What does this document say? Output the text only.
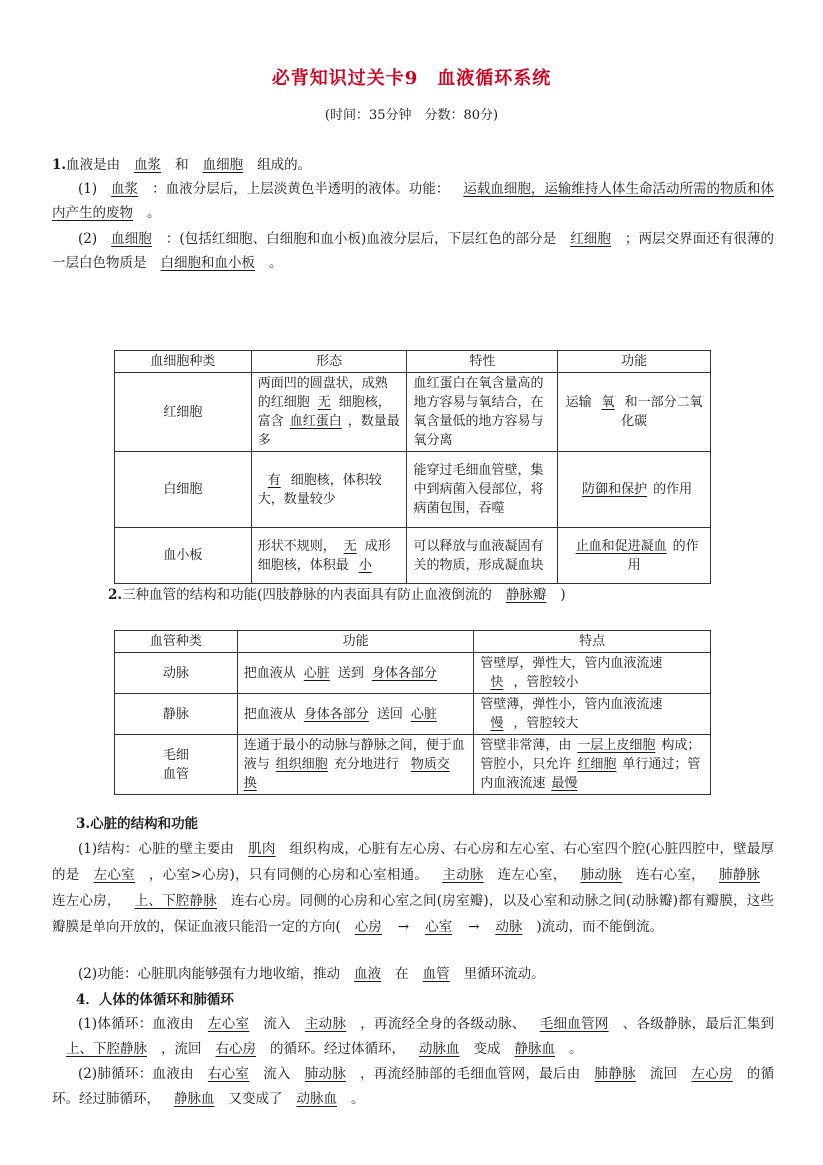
必背知识过关卡9　血液循环系统
(时间：35分钟　分数：80分)
1.血液是由 血浆 和 血细胞 组成的。
(1) 血浆 ：血液分层后，上层淡黄色半透明的液体。功能： 运载血细胞，运输维持人体生命活动所需的物质和体内产生的废物 。
(2) 血细胞 ：(包括红细胞、白细胞和血小板)血液分层后，下层红色的部分是 红细胞 ；两层交界面还有很薄的一层白色物质是 白细胞和血小板 。
血细胞种类	形态	特性	功能
红细胞	两面凹的圆盘状，成熟的红细胞 无 细胞核，富含 血红蛋白 ，数量最多	血红蛋白在氧含量高的地方容易与氧结合，在氧含量低的地方容易与氧分离	运输 氧 和一部分二氧化碳
白细胞	有 细胞核，体积较大，数量较少	能穿过毛细血管壁，集中到病菌入侵部位，将病菌包围，吞噬	防御和保护 的作用
血小板	形状不规则， 无 成形细胞核，体积最 小	可以释放与血液凝固有关的物质，形成凝血块	止血和促进凝血 的作用
2.三种血管的结构和功能(四肢静脉的内表面具有防止血液倒流的 静脉瓣 )
血管种类	功能	特点
动脉	把血液从 心脏 送到 身体各部分	管壁厚，弹性大，管内血液流速快 ，管腔较小
静脉	把血液从 身体各部分 送回 心脏	管壁薄，弹性小，管内血液流速慢 ，管腔较大
毛细
血管	连通于最小的动脉与静脉之间，便于血液与 组织细胞 充分地进行 物质交换	管壁非常薄，由 一层上皮细胞 构成；管腔小，只允许 红细胞 单行通过；管内血液流速 最慢
3.心脏的结构和功能
(1)结构：心脏的壁主要由 肌肉 组织构成，心脏有左心房、右心房和左心室、右心室四个腔(心脏四腔中，壁最厚的是 左心室 ，心室>心房)，只有同侧的心房和心室相通。 主动脉 连左心室， 肺动脉 连右心室， 肺静脉连左心房， 上、下腔静脉 连右心房。同侧的心房和心室之间(房室瓣)，以及心室和动脉之间(动脉瓣)都有瓣膜，这些瓣膜是单向开放的，保证血液只能沿一定的方向( 心房 → 心室 → 动脉 )流动，而不能倒流。
(2)功能：心脏肌肉能够强有力地收缩，推动 血液 在 血管 里循环流动。
4．人体的体循环和肺循环
(1)体循环：血液由 左心室 流入 主动脉 ，再流经全身的各级动脉、 毛细血管网 、各级静脉，最后汇集到上、下腔静脉 ，流回 右心房 的循环。经过体循环， 动脉血 变成 静脉血 。
(2)肺循环：血液由 右心室 流入 肺动脉 ，再流经肺部的毛细血管网，最后由 肺静脉 流回 左心房 的循环。经过肺循环， 静脉血 又变成了 动脉血 。
